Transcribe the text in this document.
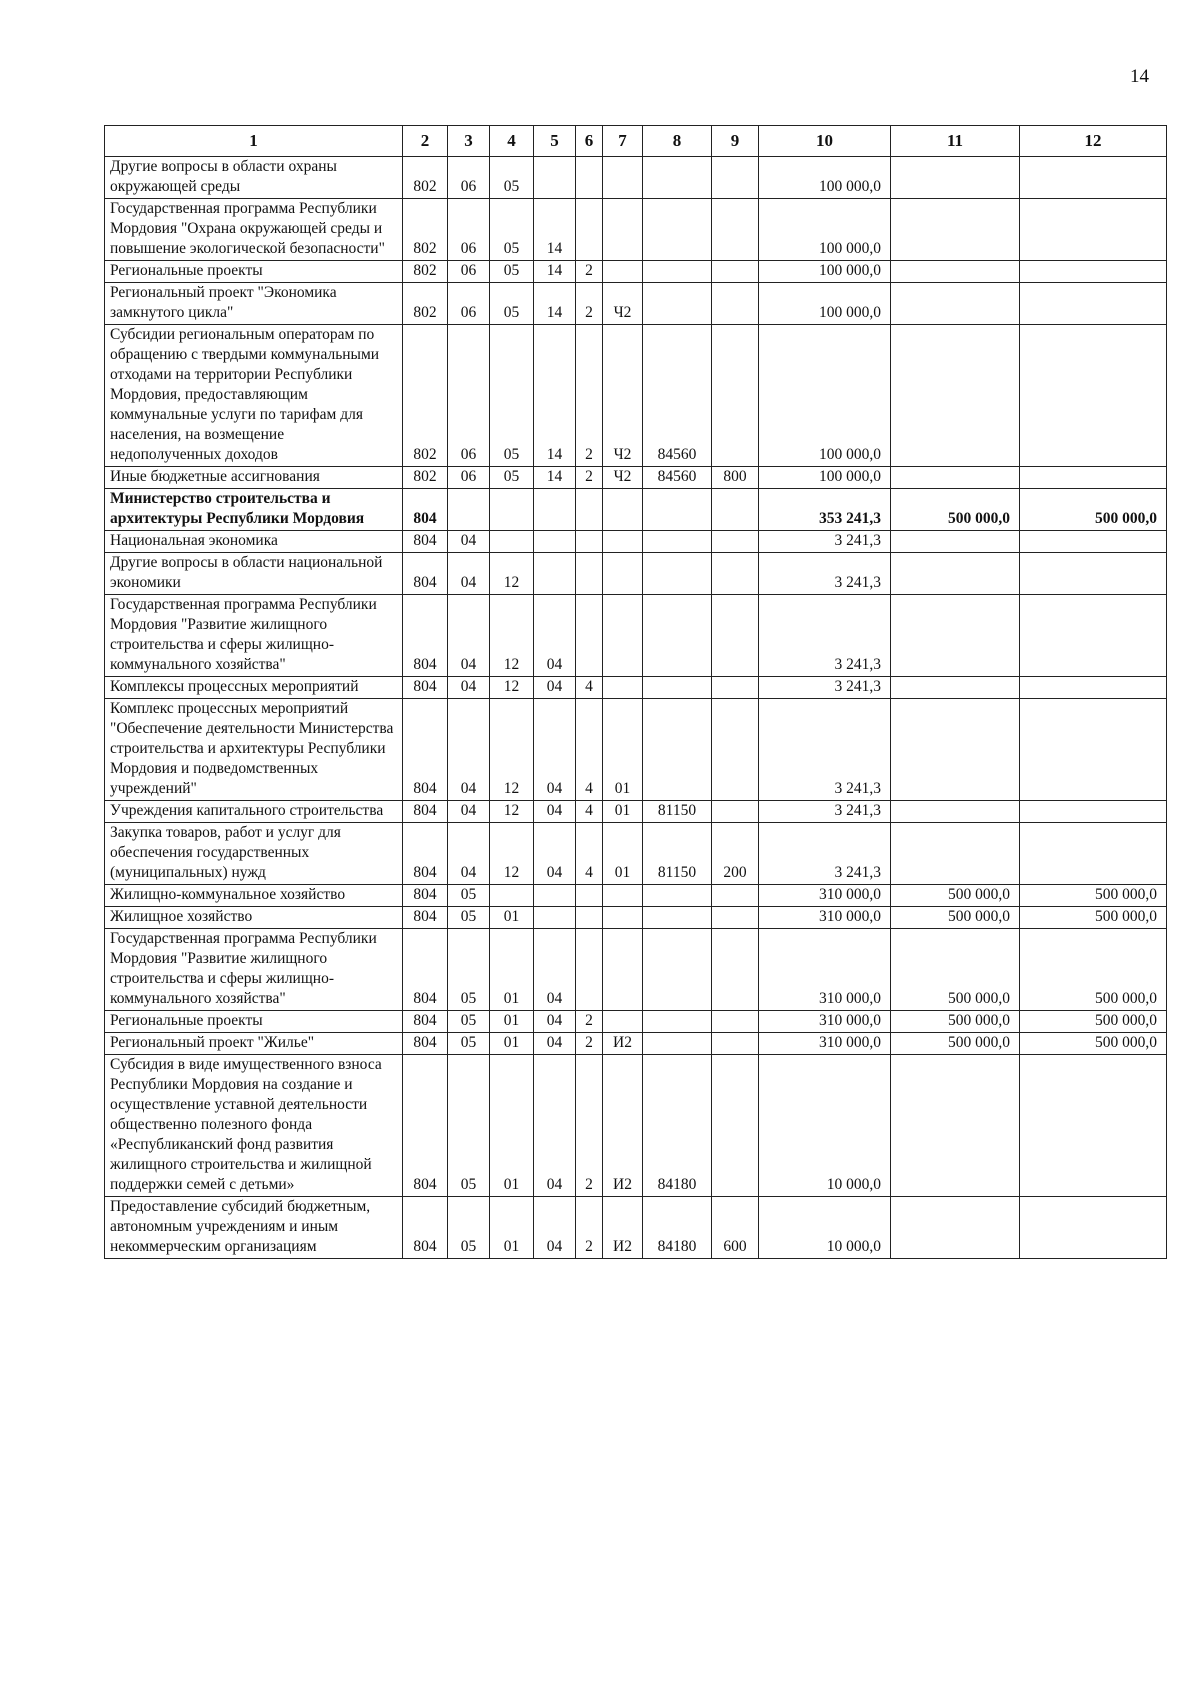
14
1	2	3	4	5	6	7	8	9	10	11	12
Другие вопросы в области охраны окружающей среды	802	06	05						100 000,0		
Государственная программа Республики Мордовия "Охрана окружающей среды и повышение экологической безопасности"	802	06	05	14					100 000,0		
Региональные проекты	802	06	05	14	2				100 000,0		
Региональный проект "Экономика замкнутого цикла"	802	06	05	14	2	Ч2			100 000,0		
Субсидии региональным операторам по обращению с твердыми коммунальными отходами на территории Республики Мордовия, предоставляющим коммунальные услуги по тарифам для населения, на возмещение недополученных доходов	802	06	05	14	2	Ч2	84560		100 000,0		
Иные бюджетные ассигнования	802	06	05	14	2	Ч2	84560	800	100 000,0		
Министерство строительства и архитектуры Республики Мордовия	804								353 241,3	500 000,0	500 000,0
Национальная экономика	804	04							3 241,3		
Другие вопросы в области национальной экономики	804	04	12						3 241,3		
Государственная программа Республики Мордовия "Развитие жилищного строительства и сферы жилищно-коммунального хозяйства"	804	04	12	04					3 241,3		
Комплексы процессных мероприятий	804	04	12	04	4				3 241,3		
Комплекс процессных мероприятий "Обеспечение деятельности Министерства строительства и архитектуры Республики Мордовия и подведомственных учреждений"	804	04	12	04	4	01			3 241,3		
Учреждения капитального строительства	804	04	12	04	4	01	81150		3 241,3		
Закупка товаров, работ и услуг для обеспечения государственных (муниципальных) нужд	804	04	12	04	4	01	81150	200	3 241,3		
Жилищно-коммунальное хозяйство	804	05							310 000,0	500 000,0	500 000,0
Жилищное хозяйство	804	05	01						310 000,0	500 000,0	500 000,0
Государственная программа Республики Мордовия "Развитие жилищного строительства и сферы жилищно-коммунального хозяйства"	804	05	01	04					310 000,0	500 000,0	500 000,0
Региональные проекты	804	05	01	04	2				310 000,0	500 000,0	500 000,0
Региональный проект "Жилье"	804	05	01	04	2	И2			310 000,0	500 000,0	500 000,0
Субсидия в виде имущественного взноса Республики Мордовия на создание и осуществление уставной деятельности общественно полезного фонда «Республиканский фонд развития жилищного строительства и жилищной поддержки семей с детьми»	804	05	01	04	2	И2	84180		10 000,0		
Предоставление субсидий бюджетным, автономным учреждениям и иным некоммерческим организациям	804	05	01	04	2	И2	84180	600	10 000,0		
